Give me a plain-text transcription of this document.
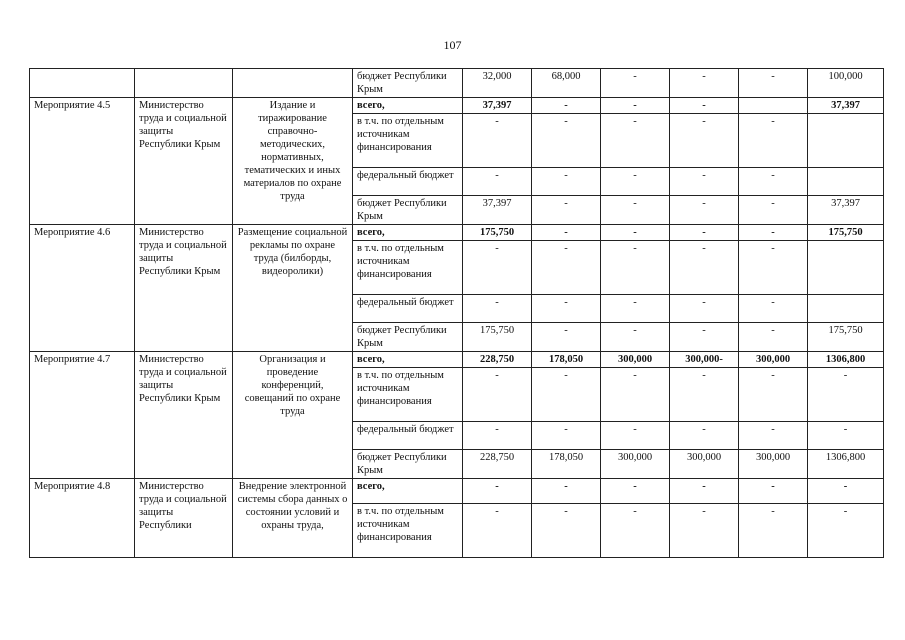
107
			бюджет Республики Крым	32,000	68,000	-	-	-	100,000
Мероприятие 4.5	Министерство труда и социальной защиты Республики Крым	Издание и тиражирование справочно-методических, нормативных, тематических и иных материалов по охране труда	всего,	37,397	-	-	-		37,397
			в т.ч. по отдельным источникам финансирования	-	-	-	-	-	
			федеральный бюджет	-	-	-	-	-	
			бюджет Республики Крым	37,397	-	-	-	-	37,397
Мероприятие 4.6	Министерство труда и социальной защиты Республики Крым	Размещение социальной рекламы по охране труда (билборды, видеоролики)	всего,	175,750	-	-	-	-	175,750
			в т.ч. по отдельным источникам финансирования	-	-	-	-	-	
			федеральный бюджет	-	-	-	-	-	
			бюджет Республики Крым	175,750	-	-	-	-	175,750
Мероприятие 4.7	Министерство труда и социальной защиты Республики Крым	Организация и проведение конференций, совещаний по охране труда	всего,	228,750	178,050	300,000	300,000-	300,000	1306,800
			в т.ч. по отдельным источникам финансирования	-	-	-	-	-	-
			федеральный бюджет	-	-	-	-	-	-
			бюджет Республики Крым	228,750	178,050	300,000	300,000	300,000	1306,800
Мероприятие 4.8	Министерство труда и социальной защиты Республики	Внедрение электронной системы сбора данных о состоянии условий и охраны труда,	всего,	-	-	-	-	-	-
			в т.ч. по отдельным источникам финансирования	-	-	-	-	-	-
